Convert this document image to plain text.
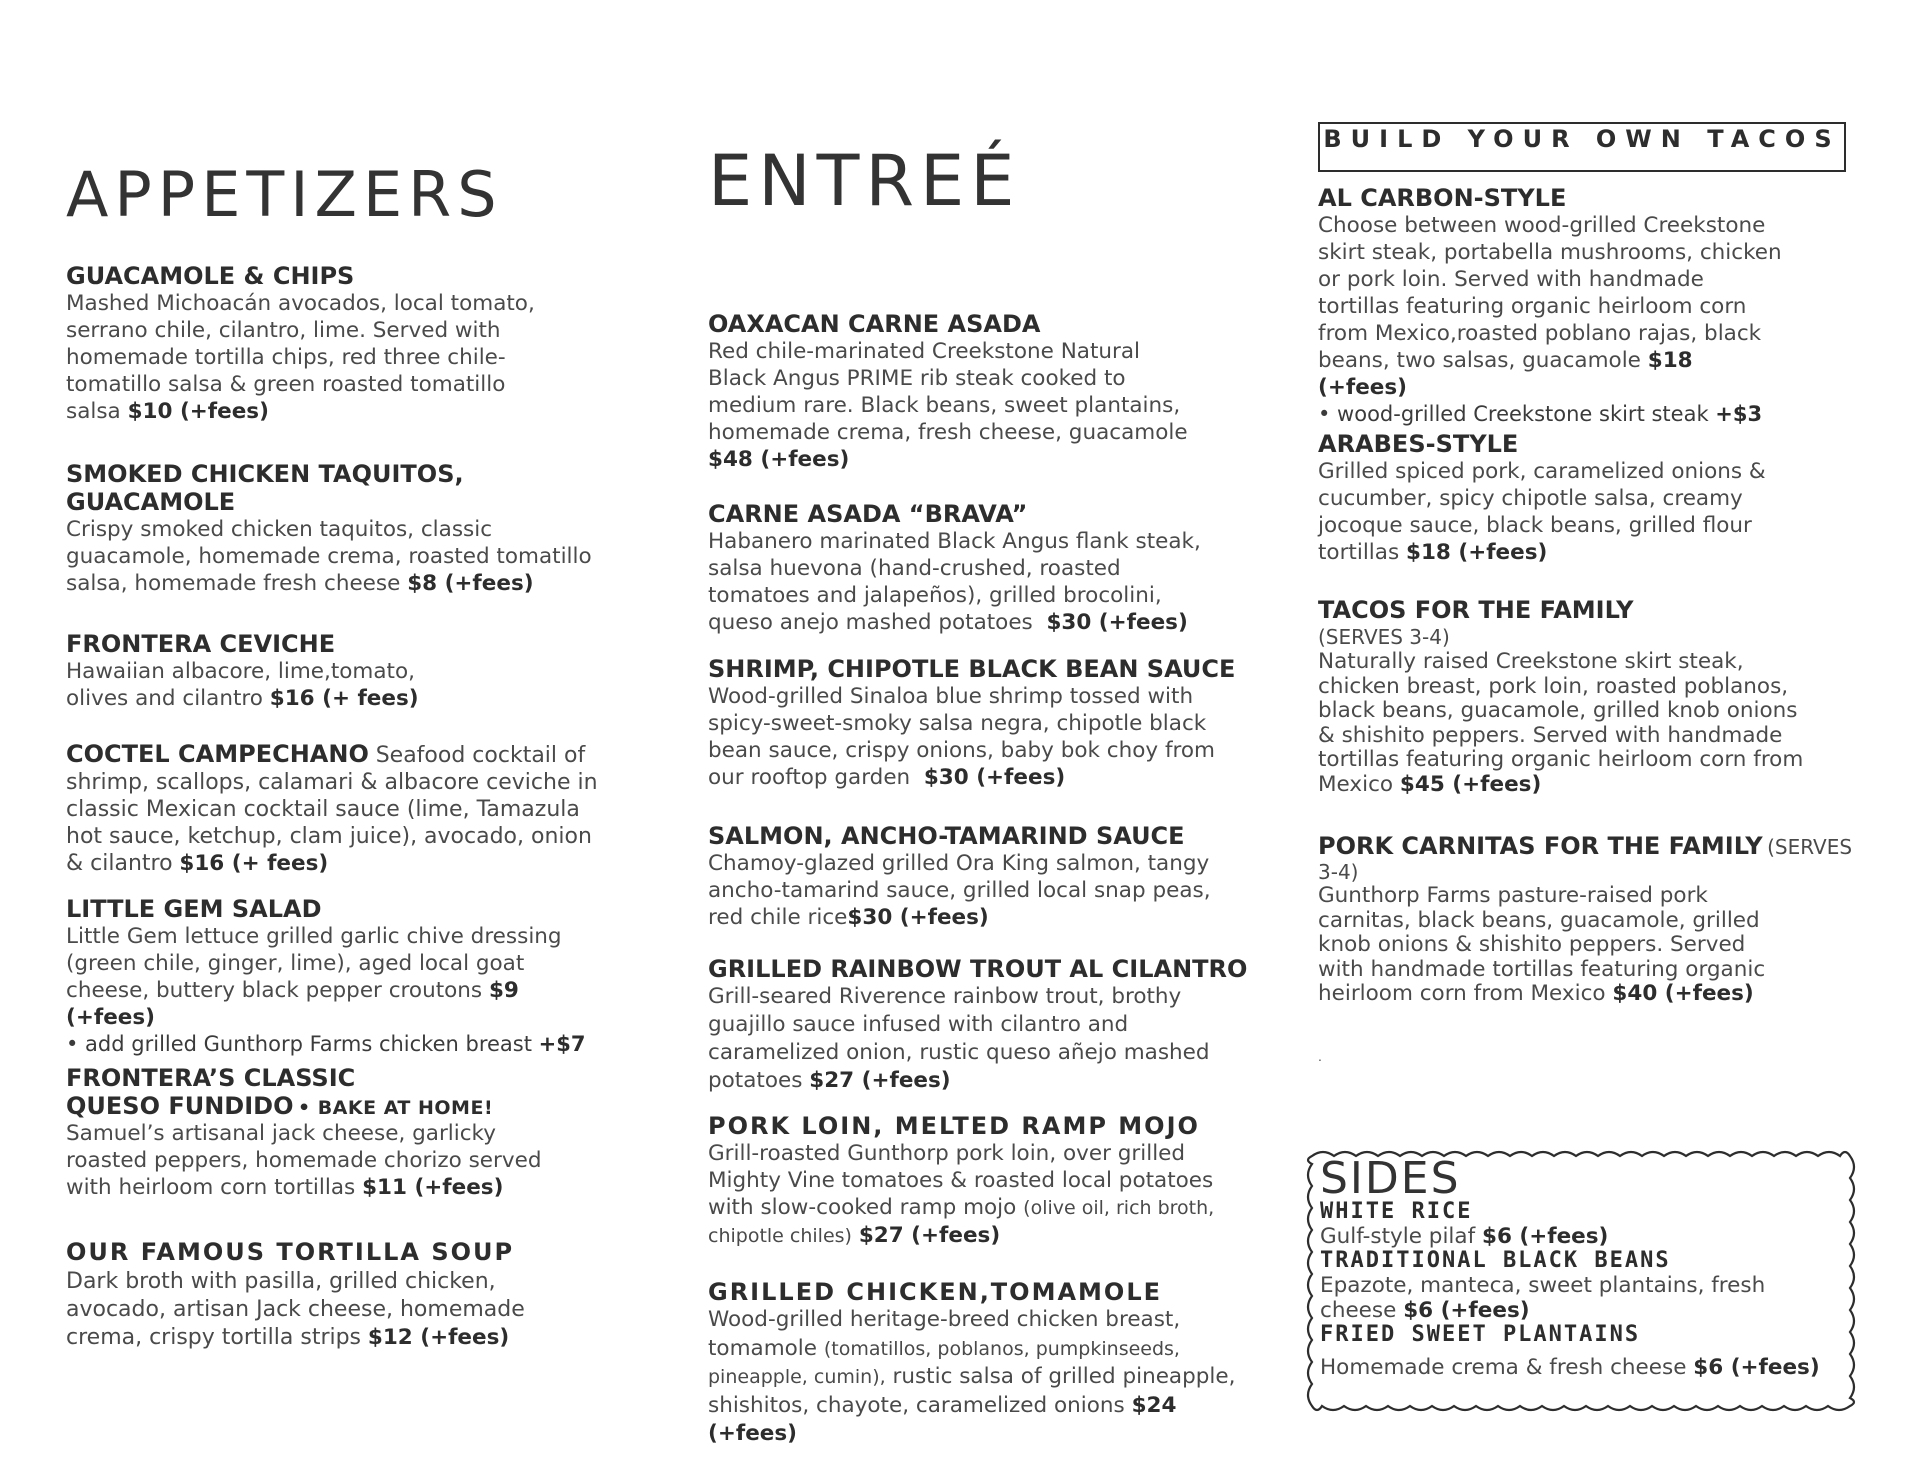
APPETIZERS
GUACAMOLE & CHIPS
Mashed Michoacán avocados, local tomato, serrano chile, cilantro, lime. Served with homemade tortilla chips, red three chile-tomatillo salsa & green roasted tomatillo salsa $10 (+fees)
SMOKED CHICKEN TAQUITOS, GUACAMOLE
Crispy smoked chicken taquitos, classic guacamole, homemade crema, roasted tomatillo salsa, homemade fresh cheese $8 (+fees)
FRONTERA CEVICHE
Hawaiian albacore, lime,tomato, olives and cilantro $16 (+ fees)
COCTEL CAMPECHANO Seafood cocktail of shrimp, scallops, calamari & albacore ceviche in classic Mexican cocktail sauce (lime, Tamazula hot sauce, ketchup, clam juice), avocado, onion & cilantro $16 (+ fees)
LITTLE GEM SALAD
Little Gem lettuce grilled garlic chive dressing (green chile, ginger, lime), aged local goat cheese, buttery black pepper croutons $9 (+fees)
• add grilled Gunthorp Farms chicken breast +$7
FRONTERA’S CLASSIC
QUESO FUNDIDO • BAKE AT HOME!
Samuel’s artisanal jack cheese, garlicky roasted peppers, homemade chorizo served with heirloom corn tortillas $11 (+fees)
OUR FAMOUS TORTILLA SOUP Dark broth with pasilla, grilled chicken, avocado, artisan Jack cheese, homemade crema, crispy tortilla strips $12 (+fees)
ENTREÉ
OAXACAN CARNE ASADA
Red chile-marinated Creekstone Natural Black Angus PRIME rib steak cooked to medium rare. Black beans, sweet plantains, homemade crema, fresh cheese, guacamole  $48 (+fees)
CARNE ASADA “BRAVA”
Habanero marinated Black Angus flank steak, salsa huevona (hand-crushed, roasted tomatoes and jalapeños), grilled brocolini, queso anejo mashed potatoes $30 (+fees)
SHRIMP, CHIPOTLE BLACK BEAN SAUCE
Wood-grilled Sinaloa blue shrimp tossed with spicy-sweet-smoky salsa negra, chipotle black bean sauce, crispy onions, baby bok choy from our rooftop garden $30 (+fees)
SALMON, ANCHO-TAMARIND SAUCE
Chamoy-glazed grilled Ora King salmon, tangy ancho-tamarind sauce, grilled local snap peas, red chile rice$30 (+fees)
GRILLED RAINBOW TROUT AL CILANTRO
Grill-seared Riverence rainbow trout, brothy guajillo sauce infused with cilantro and caramelized onion, rustic queso añejo mashed potatoes $27 (+fees)
PORK LOIN, MELTED RAMP MOJO
Grill-roasted Gunthorp pork loin, over grilled Mighty Vine tomatoes & roasted local potatoes with slow-cooked ramp mojo (olive oil, rich broth, chipotle chiles) $27 (+fees)
GRILLED CHICKEN,TOMAMOLE
Wood-grilled heritage-breed chicken breast, tomamole (tomatillos, poblanos, pumpkinseeds, pineapple, cumin), rustic salsa of grilled pineapple, shishitos, chayote, caramelized onions $24 (+fees)
BUILD YOUR OWN TACOS
AL CARBON-STYLE
Choose between wood-grilled Creekstone skirt steak, portabella mushrooms, chicken or pork loin. Served with handmade tortillas featuring organic heirloom corn from Mexico,roasted poblano rajas, black beans, two salsas, guacamole $18 (+fees)
• wood-grilled Creekstone skirt steak +$3
ARABES-STYLE
Grilled spiced pork, caramelized onions & cucumber, spicy chipotle salsa, creamy jocoque sauce, black beans, grilled flour tortillas $18 (+fees)
TACOS FOR THE FAMILY
(SERVES 3-4)
Naturally raised Creekstone skirt steak, chicken breast, pork loin, roasted poblanos, black beans, guacamole, grilled knob onions & shishito peppers. Served with handmade tortillas featuring organic heirloom corn from Mexico $45 (+fees)
PORK CARNITAS FOR THE FAMILY (SERVES 3-4)
Gunthorp Farms pasture-raised pork carnitas, black beans, guacamole, grilled knob onions & shishito peppers. Served with handmade tortillas featuring organic heirloom corn from Mexico $40 (+fees)
.
SIDES
WHITE RICE
Gulf-style pilaf $6 (+fees)
TRADITIONAL BLACK BEANS
Epazote, manteca, sweet plantains, fresh cheese $6 (+fees)
FRIED SWEET PLANTAINS
Homemade crema & fresh cheese $6 (+fees)
